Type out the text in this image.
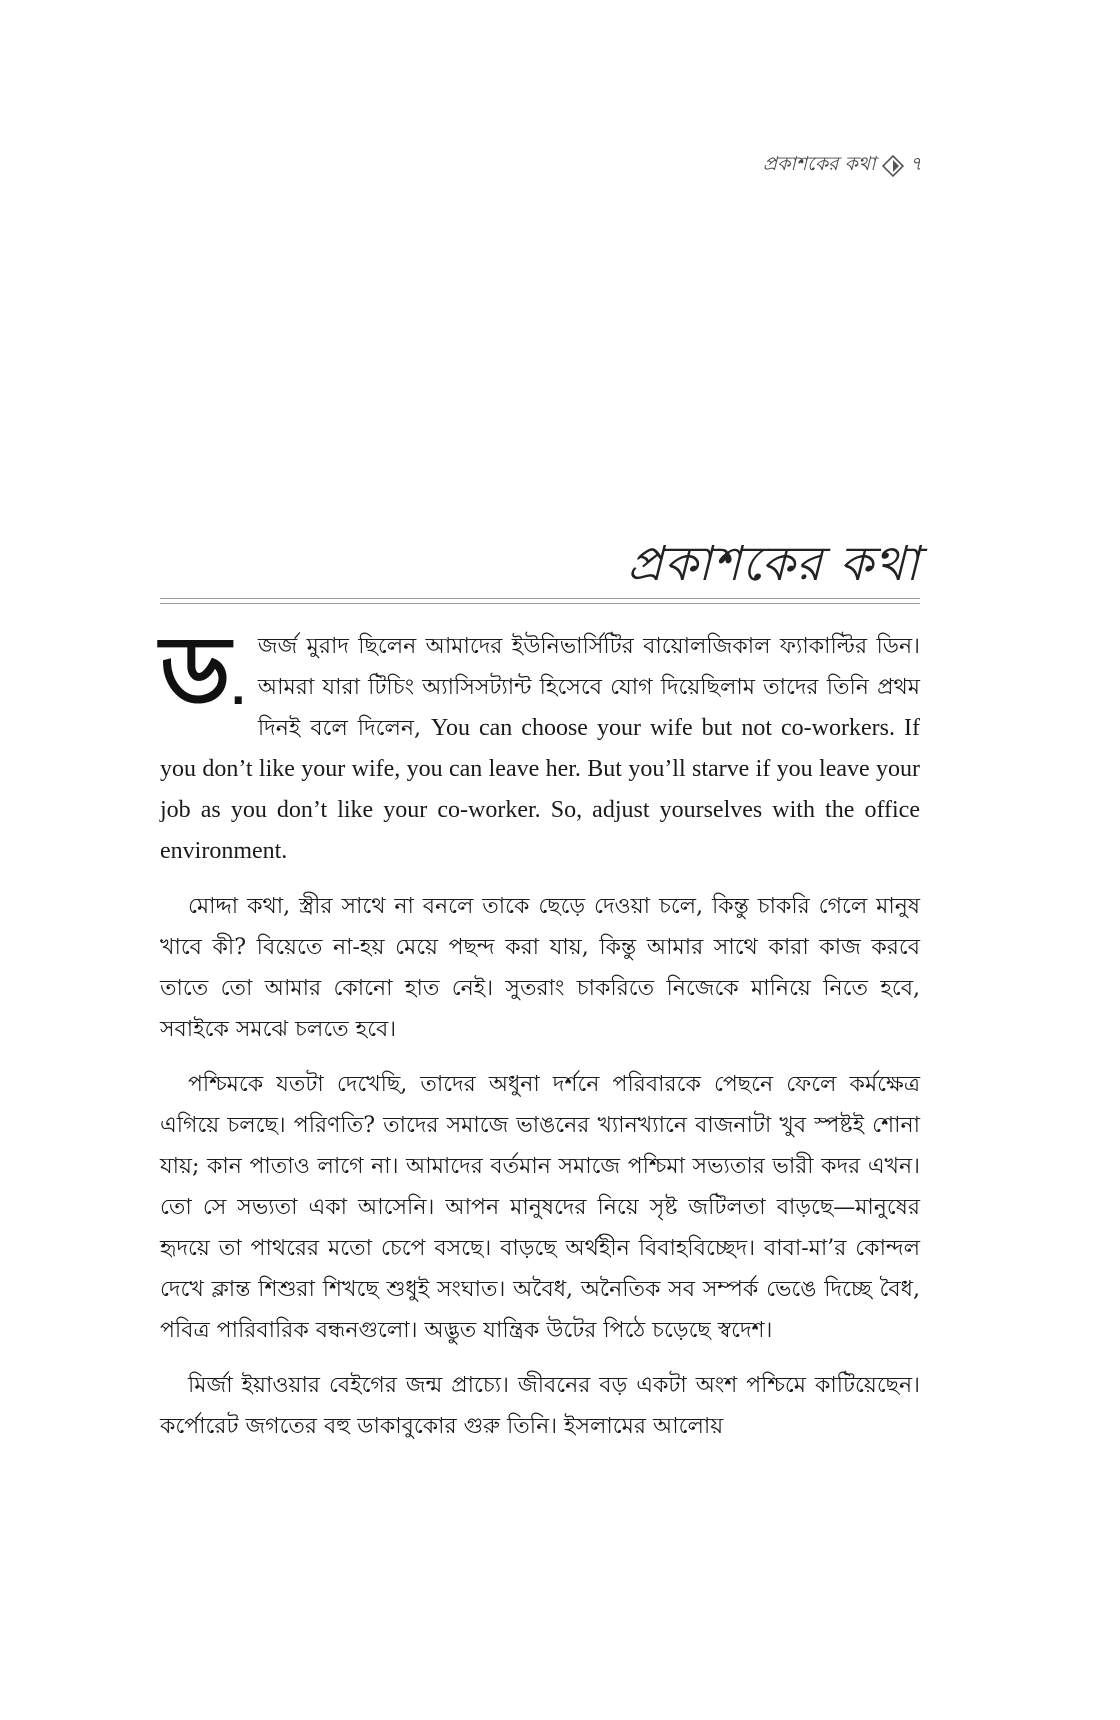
প্রকাশকের কথা ৭
প্রকাশকের কথা

ড.
জর্জ মুরাদ ছিলেন আমাদের ইউনিভার্সিটির বায়োলজিকাল ফ্যাকাল্টির ডিন। আমরা যারা টিচিং অ্যাসিসট্যান্ট হিসেবে যোগ দিয়েছিলাম তাদের তিনি প্রথম দিনই বলে দিলেন, You can choose your wife but not co-workers. If you don’t like your wife, you can leave her. But you’ll starve if you leave your job as you don’t like your co-worker. So, adjust yourselves with the office environment.

মোদ্দা কথা, স্ত্রীর সাথে না বনলে তাকে ছেড়ে দেওয়া চলে, কিন্তু চাকরি গেলে মানুষ খাবে কী? বিয়েতে না-হয় মেয়ে পছন্দ করা যায়, কিন্তু আমার সাথে কারা কাজ করবে তাতে তো আমার কোনো হাত নেই। সুতরাং চাকরিতে নিজেকে মানিয়ে নিতে হবে, সবাইকে সমঝে চলতে হবে।

পশ্চিমকে যতটা দেখেছি, তাদের অধুনা দর্শনে পরিবারকে পেছনে ফেলে কর্মক্ষেত্র এগিয়ে চলছে। পরিণতি? তাদের সমাজে ভাঙনের খ্যানখ্যানে বাজনাটা খুব স্পষ্টই শোনা যায়; কান পাতাও লাগে না। আমাদের বর্তমান সমাজে পশ্চিমা সভ্যতার ভারী কদর এখন। তো সে সভ্যতা একা আসেনি। আপন মানুষদের নিয়ে সৃষ্ট জটিলতা বাড়ছে—মানুষের হৃদয়ে তা পাথরের মতো চেপে বসছে। বাড়ছে অর্থহীন বিবাহবিচ্ছেদ। বাবা-মা’র কোন্দল দেখে ক্লান্ত শিশুরা শিখছে শুধুই সংঘাত। অবৈধ, অনৈতিক সব সম্পর্ক ভেঙে দিচ্ছে বৈধ, পবিত্র পারিবারিক বন্ধনগুলো। অদ্ভুত যান্ত্রিক উটের পিঠে চড়েছে স্বদেশ।

মির্জা ইয়াওয়ার বেইগের জন্ম প্রাচ্যে। জীবনের বড় একটা অংশ পশ্চিমে কাটিয়েছেন। কর্পোরেট জগতের বহু ডাকাবুকোর গুরু তিনি। ইসলামের আলোয়
